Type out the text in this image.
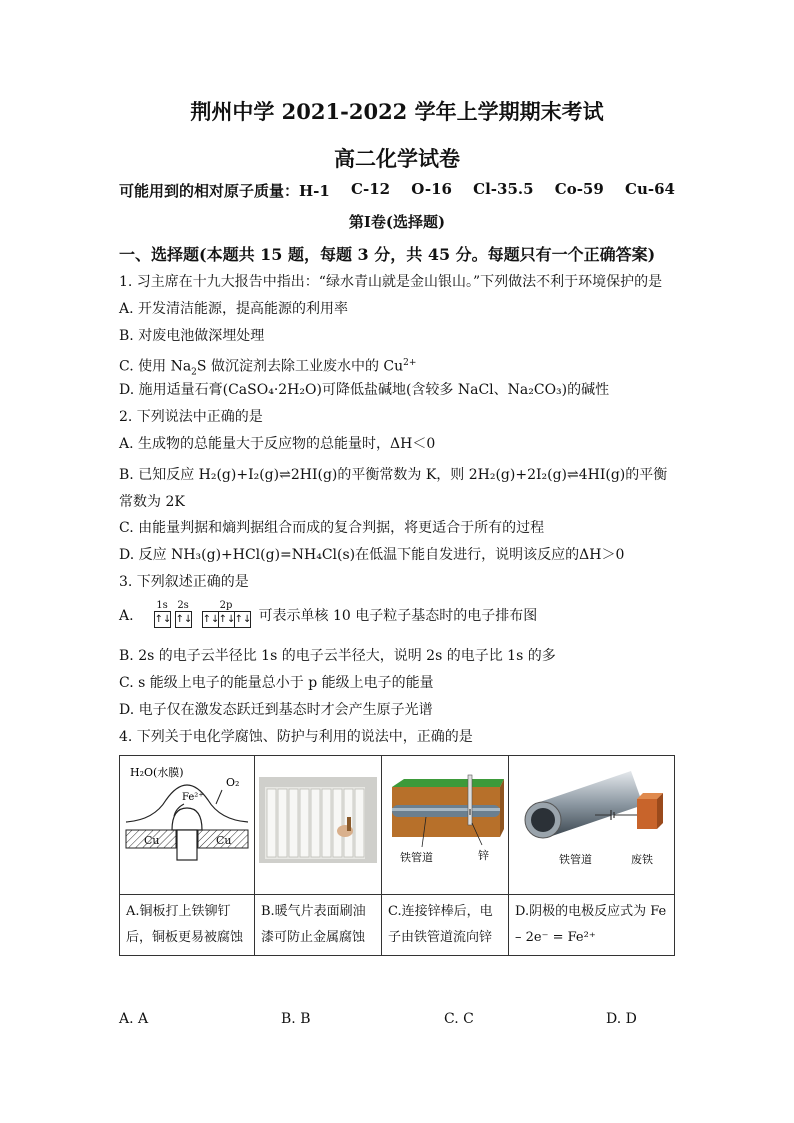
荆州中学 2021-2022 学年上学期期末考试
高二化学试卷
可能用到的相对原子质量：H-1 C-12 O-16 Cl-35.5 Co-59 Cu-64
第Ⅰ卷(选择题)
一、选择题(本题共 15 题，每题 3 分，共 45 分。每题只有一个正确答案)
1. 习主席在十九大报告中指出：“绿水青山就是金山银山。”下列做法不利于环境保护的是
A. 开发清洁能源，提高能源的利用率
B. 对废电池做深埋处理
C. 使用 $Na_2S$ 做沉淀剂去除工业废水中的 $Cu^{2+}$
D. 施用适量石膏(CaSO₄·2H₂O)可降低盐碱地(含较多 NaCl、Na₂CO₃)的碱性
2. 下列说法中正确的是
A. 生成物的总能量大于反应物的总能量时，ΔH＜0
B. 已知反应 H₂(g)+I₂(g)⇌2HI(g)的平衡常数为 K，则 2H₂(g)+2I₂(g)⇌4HI(g)的平衡常数为 2K
C. 由能量判据和熵判据组合而成的复合判据，将更适合于所有的过程
D. 反应 NH₃(g)+HCl(g)=NH₄Cl(s)在低温下能自发进行，说明该反应的ΔH＞0
3. 下列叙述正确的是
A.
1s
↑↓
2s
↑↓
2p
↑↓ ↑↓ ↑↓ 可表示单核 10 电子粒子基态时的电子排布图
B. 2s 的电子云半径比 1s 的电子云半径大，说明 2s 的电子比 1s 的多
C. s 能级上电子的能量总小于 p 能级上电子的能量
D. 电子仅在激发态跃迁到基态时才会产生原子光谱
4. 下列关于电化学腐蚀、防护与利用的说法中，正确的是
H₂O(水膜)
O₂
Fe²⁺
Cu Cu		铁管道 锌	铁管道 废铁

A.铜板打上铁铆钉后，铜板更易被腐蚀	B.暖气片表面刷油漆可防止金属腐蚀	C.连接锌棒后，电子由铁管道流向锌	D.阴极的电极反应式为 Fe – 2e⁻ = Fe²⁺
A. A	B. B	C. C	D. D
